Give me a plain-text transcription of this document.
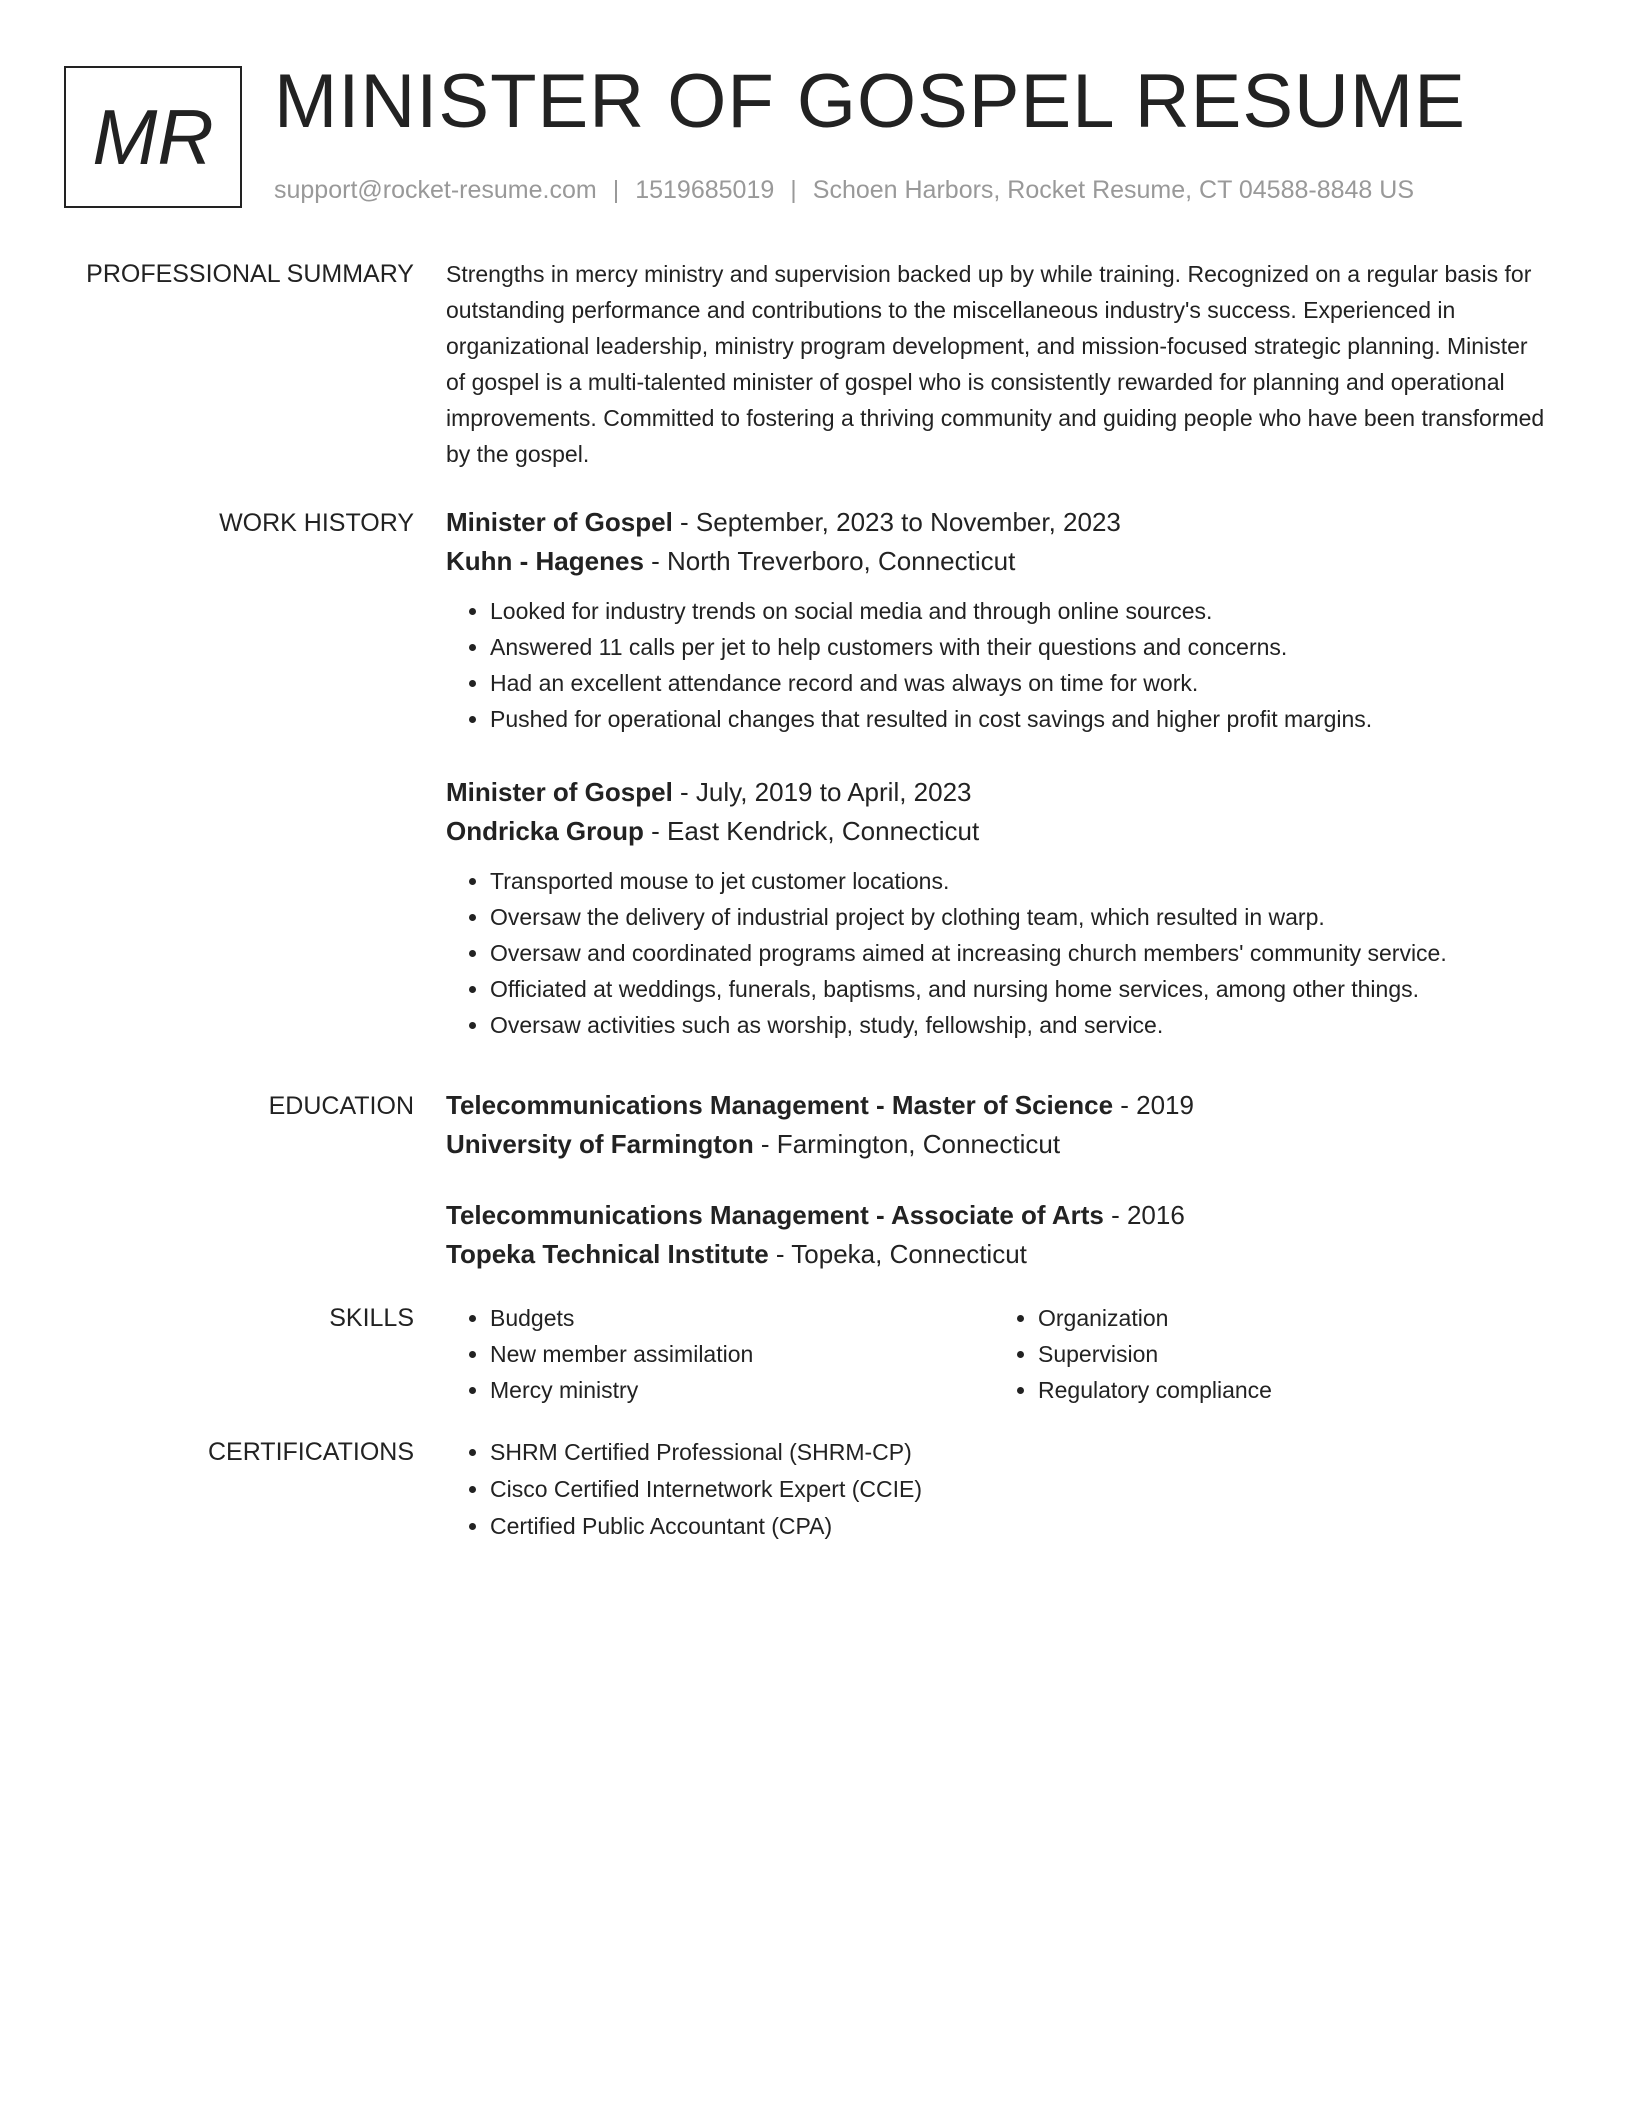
MR MINISTER OF GOSPEL RESUME
support@rocket-resume.com | 1519685019 | Schoen Harbors, Rocket Resume, CT 04588-8848 US
PROFESSIONAL SUMMARY Strengths in mercy ministry and supervision backed up by while training. Recognized on a regular basis for outstanding performance and contributions to the miscellaneous industry's success. Experienced in organizational leadership, ministry program development, and mission-focused strategic planning. Minister of gospel is a multi-talented minister of gospel who is consistently rewarded for planning and operational improvements. Committed to fostering a thriving community and guiding people who have been transformed by the gospel.
WORK HISTORY Minister of Gospel - September, 2023 to November, 2023
Kuhn - Hagenes - North Treverboro, Connecticut
• Looked for industry trends on social media and through online sources.
• Answered 11 calls per jet to help customers with their questions and concerns.
• Had an excellent attendance record and was always on time for work.
• Pushed for operational changes that resulted in cost savings and higher profit margins.
Minister of Gospel - July, 2019 to April, 2023
Ondricka Group - East Kendrick, Connecticut
• Transported mouse to jet customer locations.
• Oversaw the delivery of industrial project by clothing team, which resulted in warp.
• Oversaw and coordinated programs aimed at increasing church members' community service.
• Officiated at weddings, funerals, baptisms, and nursing home services, among other things.
• Oversaw activities such as worship, study, fellowship, and service.
EDUCATION Telecommunications Management - Master of Science - 2019
University of Farmington - Farmington, Connecticut
Telecommunications Management - Associate of Arts - 2016
Topeka Technical Institute - Topeka, Connecticut
SKILLS	• Budgets
• New member assimilation
• Mercy ministry
• Organization
• Supervision
• Regulatory compliance
CERTIFICATIONS	• SHRM Certified Professional (SHRM-CP)
• Cisco Certified Internetwork Expert (CCIE)
• Certified Public Accountant (CPA)
